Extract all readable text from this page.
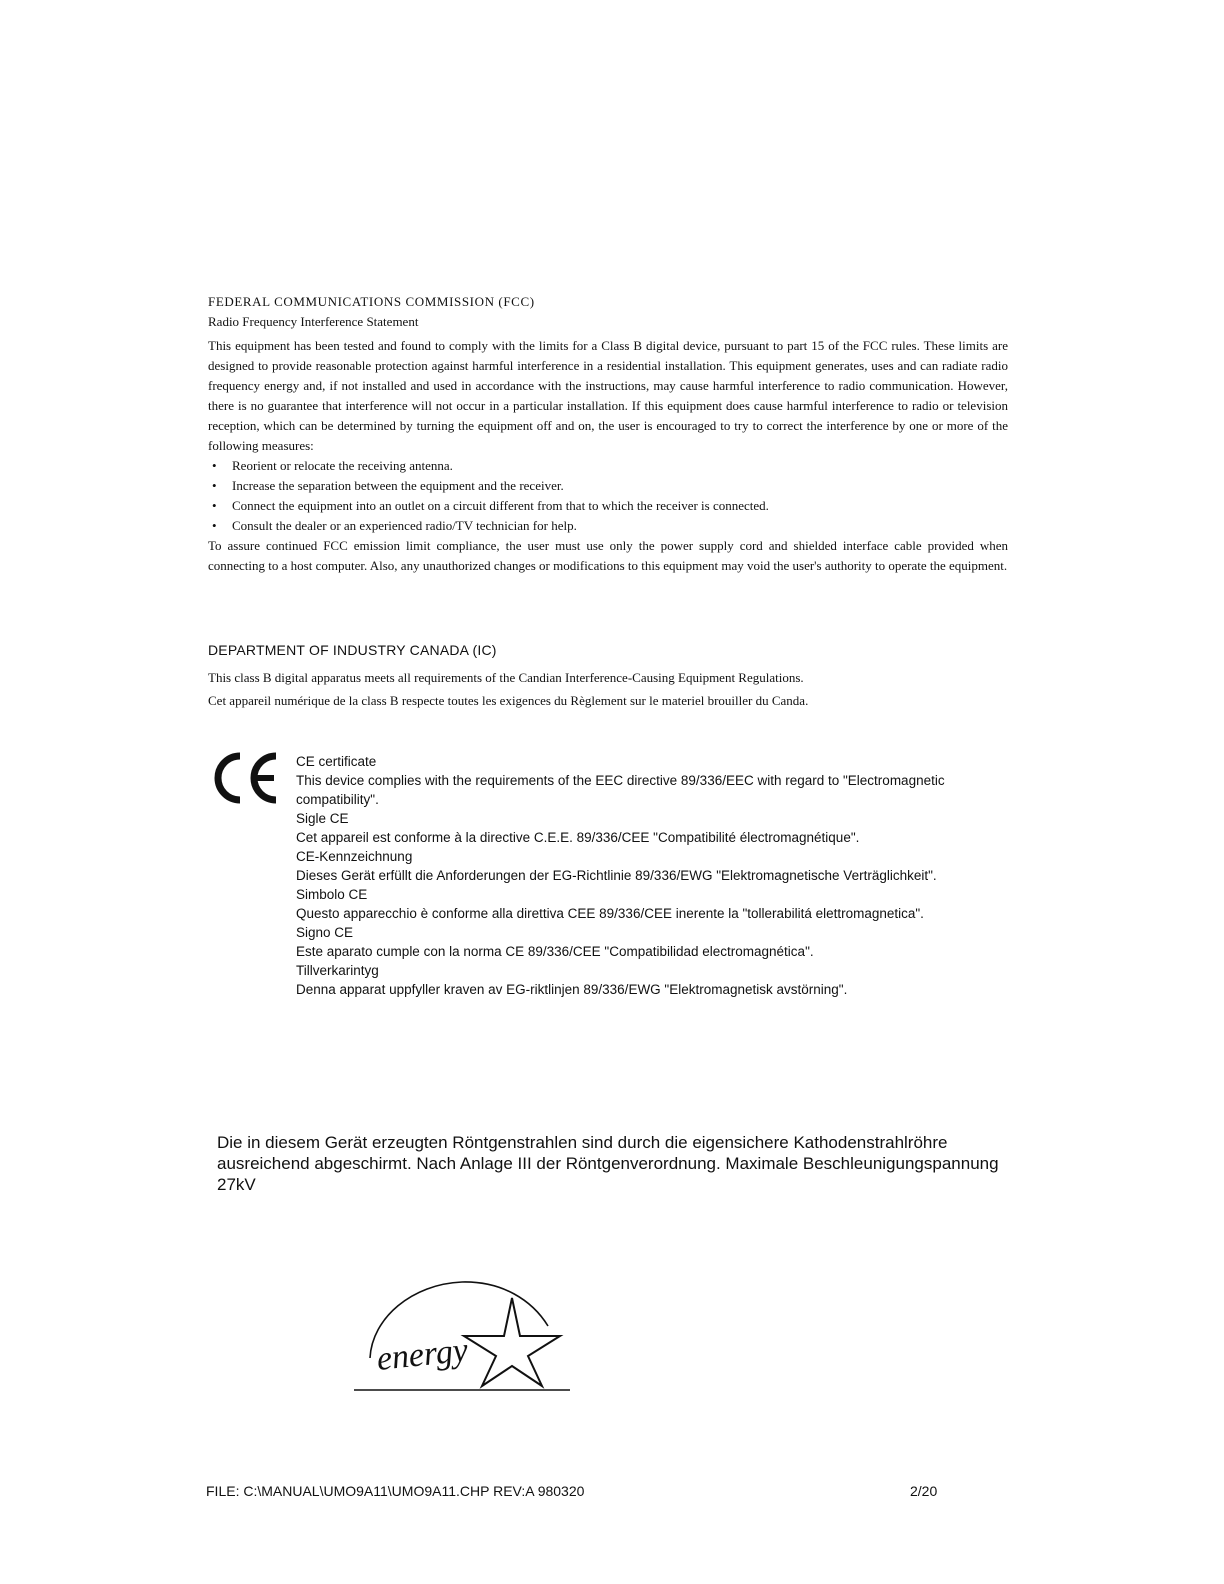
FEDERAL COMMUNICATIONS COMMISSION (FCC)
Radio Frequency Interference Statement
This equipment has been tested and found to comply with the limits for a Class B digital device, pursuant to part 15 of the FCC rules. These limits are designed to provide reasonable protection against harmful interference in a residential installation. This equipment generates, uses and can radiate radio frequency energy and, if not installed and used in accordance with the instructions, may cause harmful interference to radio communication. However, there is no guarantee that interference will not occur in a particular installation. If this equipment does cause harmful interference to radio or television reception, which can be determined by turning the equipment off and on, the user is encouraged to try to correct the interference by one or more of the following measures:
• Reorient or relocate the receiving antenna.
• Increase the separation between the equipment and the receiver.
• Connect the equipment into an outlet on a circuit different from that to which the receiver is connected.
• Consult the dealer or an experienced radio/TV technician for help.
To assure continued FCC emission limit compliance, the user must use only the power supply cord and shielded interface cable provided when connecting to a host computer. Also, any unauthorized changes or modifications to this equipment may void the user's authority to operate the equipment.
DEPARTMENT OF INDUSTRY CANADA (IC)
This class B digital apparatus meets all requirements of the Candian Interference-Causing Equipment Regulations.
Cet appareil numérique de la class B respecte toutes les exigences du Règlement sur le materiel brouiller du Canda.
CE certificate
This device complies with the requirements of the EEC directive 89/336/EEC with regard to "Electromagnetic compatibility".
Sigle CE
Cet appareil est conforme à la directive C.E.E. 89/336/CEE "Compatibilité électromagnétique".
CE-Kennzeichnung
Dieses Gerät erfüllt die Anforderungen der EG-Richtlinie 89/336/EWG "Elektromagnetische Verträglichkeit".
Simbolo CE
Questo apparecchio è conforme alla direttiva CEE 89/336/CEE inerente la "tollerabilitá elettromagnetica".
Signo CE
Este aparato cumple con la norma CE 89/336/CEE "Compatibilidad electromagnética".
Tillverkarintyg
Denna apparat uppfyller kraven av EG-riktlinjen 89/336/EWG "Elektromagnetisk avstörning".
Die in diesem Gerät erzeugten Röntgenstrahlen sind durch die eigensichere Kathodenstrahlröhre ausreichend abgeschirmt. Nach Anlage III der Röntgenverordnung. Maximale Beschleunigungspannung 27kV
energy
FILE: C:\MANUAL\UMO9A11\UMO9A11.CHP REV:A 980320	2/20
